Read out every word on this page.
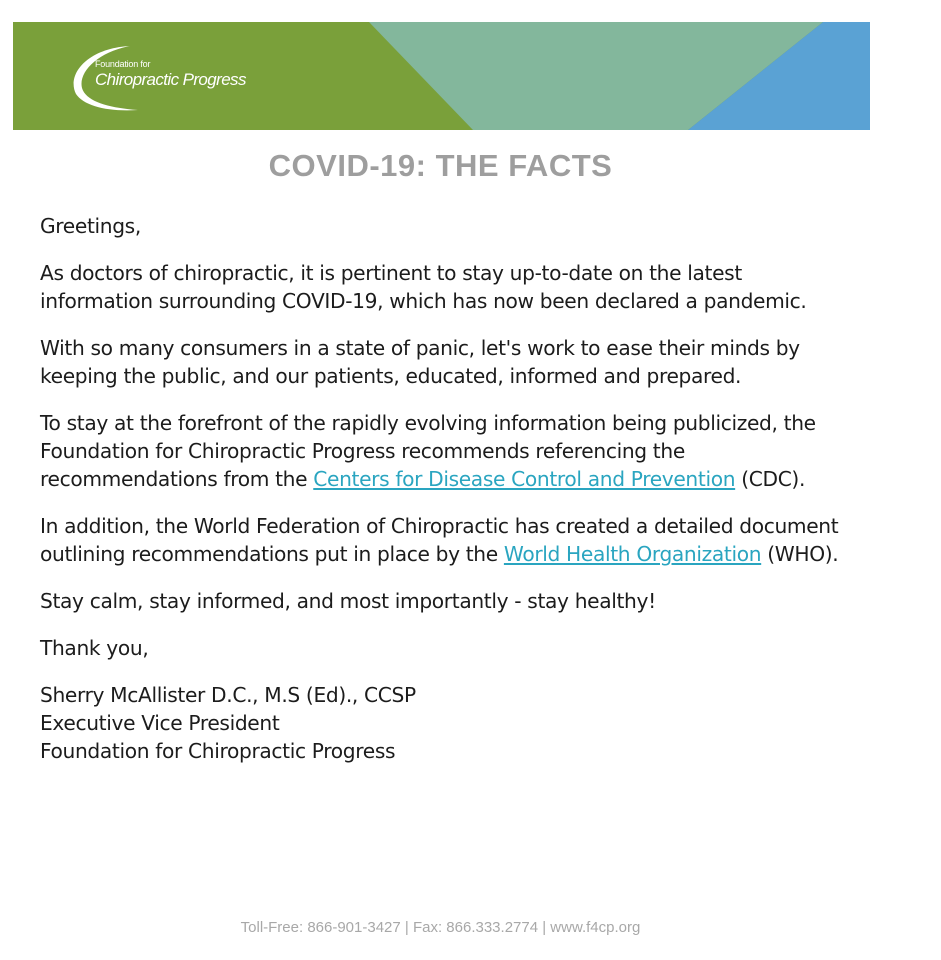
Foundation for
Chiropractic Progress
COVID-19: THE FACTS

Greetings,

As doctors of chiropractic, it is pertinent to stay up-to-date on the latest information surrounding COVID-19, which has now been declared a pandemic.

With so many consumers in a state of panic, let's work to ease their minds by keeping the public, and our patients, educated, informed and prepared.

To stay at the forefront of the rapidly evolving information being publicized, the Foundation for Chiropractic Progress recommends referencing the recommendations from the Centers for Disease Control and Prevention (CDC).

In addition, the World Federation of Chiropractic has created a detailed document outlining recommendations put in place by the World Health Organization (WHO).

Stay calm, stay informed, and most importantly - stay healthy!

Thank you,

Sherry McAllister D.C., M.S (Ed)., CCSP

Executive Vice President

Foundation for Chiropractic Progress

Toll-Free: 866-901-3427 | Fax: 866.333.2774 | www.f4cp.org
